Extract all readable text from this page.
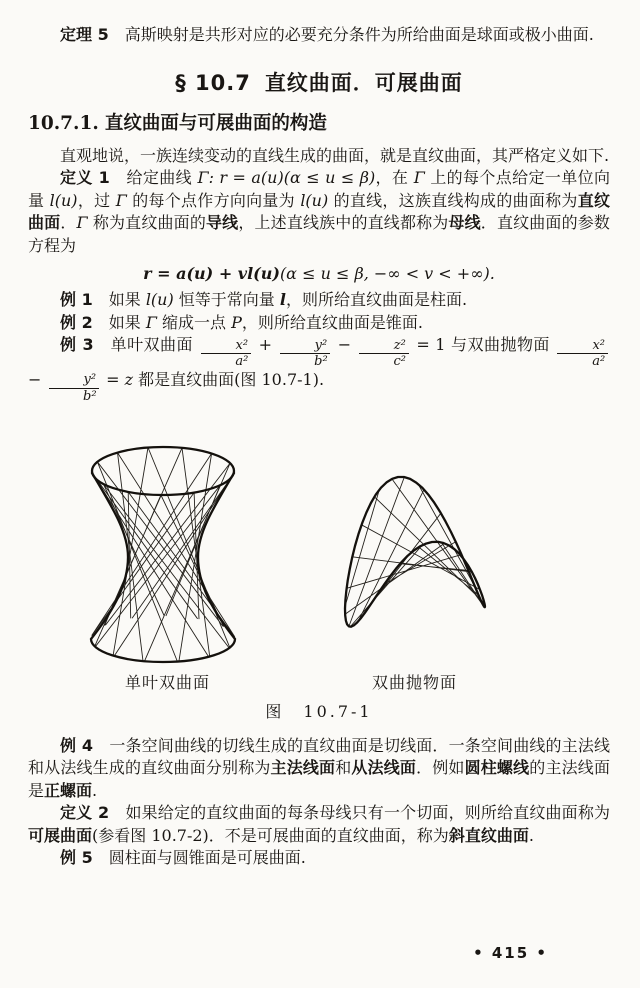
定理 5　高斯映射是共形对应的必要充分条件为所给曲面是球面或极小曲面.

§ 10.7 直纹曲面．可展曲面
10.7.1. 直纹曲面与可展曲面的构造

直观地说，一族连续变动的直线生成的曲面，就是直纹曲面，其严格定义如下.

定义 1　给定曲线 Γ: r = a(u)(α ≤ u ≤ β)，在 Γ 上的每个点给定一单位向量 l(u)，过 Γ 的每个点作方向向量为 l(u) 的直线，这族直线构成的曲面称为直纹曲面．Γ 称为直纹曲面的导线，上述直线族中的直线都称为母线．直纹曲面的参数方程为

r = a(u) + vl(u)(α ≤ u ≤ β, −∞ < v < +∞).

例 1　如果 l(u) 恒等于常向量 l，则所给直纹曲面是柱面.

例 2　如果 Γ 缩成一点 P，则所给直纹曲面是锥面.

例 3　单叶双曲面 $\frac{\text{x²}}{\text{a²}} + \frac{\text{y²}}{\text{b²}} - \frac{\text{z²}}{\text{c²}} = 1$ 与双曲抛物面 $\frac{\text{x²}}{\text{a²}}$
− $\frac{\text{y²}}{\text{b²}} = z$ 都是直纹曲面(图 10.7-1).

单叶双曲面	双曲抛物面
图　10.7-1

例 4　一条空间曲线的切线生成的直纹曲面是切线面．一条空间曲线的主法线和从法线生成的直纹曲面分别称为主法线面和从法线面．例如圆柱螺线的主法线面是正螺面.

定义 2　如果给定的直纹曲面的每条母线只有一个切面，则所给直纹曲面称为可展曲面(参看图 10.7-2)．不是可展曲面的直纹曲面，称为斜直纹曲面.

例 5　圆柱面与圆锥面是可展曲面.

• 415 •
